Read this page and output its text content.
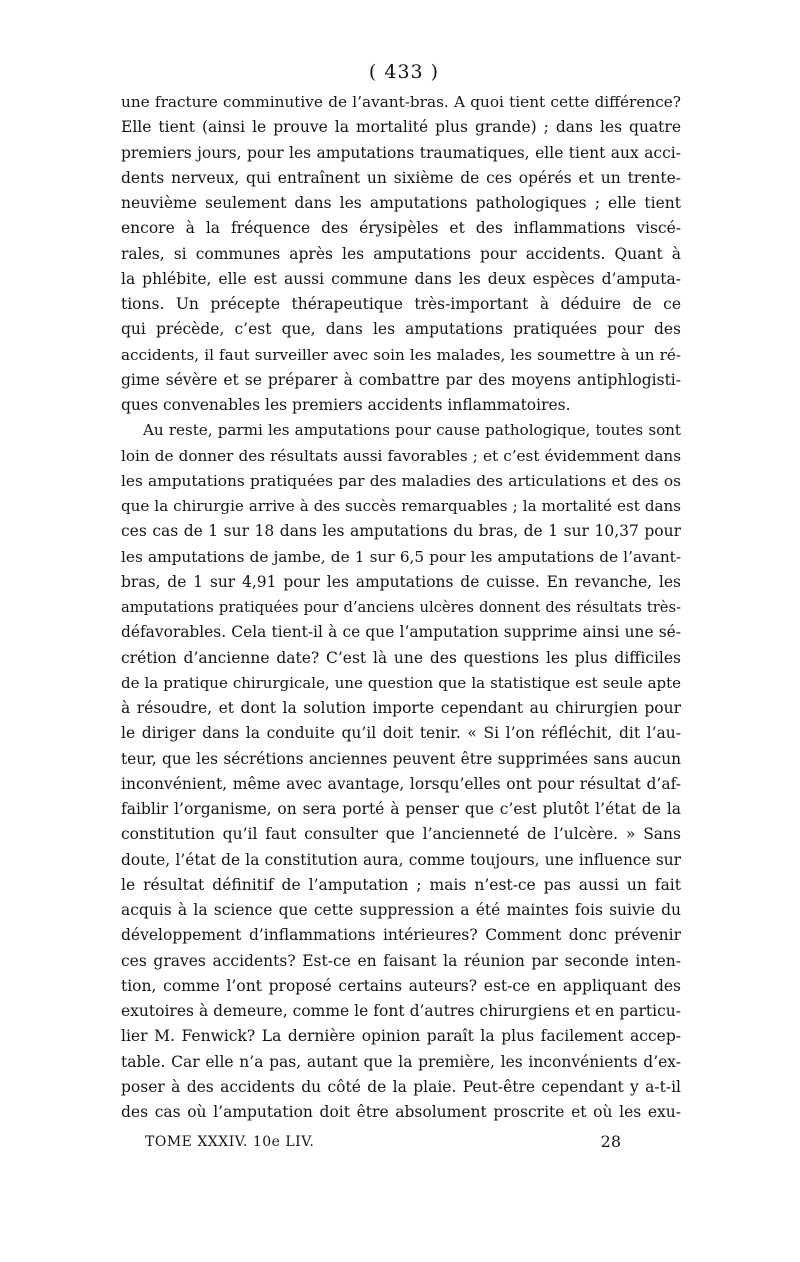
( 433 )
une fracture comminutive de l’avant-bras. A quoi tient cette différence?
Elle tient (ainsi le prouve la mortalité plus grande) ; dans les quatre
premiers jours, pour les amputations traumatiques, elle tient aux acci-
dents nerveux, qui entraînent un sixième de ces opérés et un trente-
neuvième seulement dans les amputations pathologiques ; elle tient
encore à la fréquence des érysipèles et des inflammations viscé-
rales, si communes après les amputations pour accidents. Quant à
la phlébite, elle est aussi commune dans les deux espèces d’amputa-
tions. Un précepte thérapeutique très-important à déduire de ce
qui précède, c’est que, dans les amputations pratiquées pour des
accidents, il faut surveiller avec soin les malades, les soumettre à un ré-
gime sévère et se préparer à combattre par des moyens antiphlogisti-
ques convenables les premiers accidents inflammatoires.
Au reste, parmi les amputations pour cause pathologique, toutes sont
loin de donner des résultats aussi favorables ; et c’est évidemment dans
les amputations pratiquées par des maladies des articulations et des os
que la chirurgie arrive à des succès remarquables ; la mortalité est dans
ces cas de 1 sur 18 dans les amputations du bras, de 1 sur 10,37 pour
les amputations de jambe, de 1 sur 6,5 pour les amputations de l’avant-
bras, de 1 sur 4,91 pour les amputations de cuisse. En revanche, les
amputations pratiquées pour d’anciens ulcères donnent des résultats très-
défavorables. Cela tient-il à ce que l’amputation supprime ainsi une sé-
crétion d’ancienne date? C’est là une des questions les plus difficiles
de la pratique chirurgicale, une question que la statistique est seule apte
à résoudre, et dont la solution importe cependant au chirurgien pour
le diriger dans la conduite qu’il doit tenir. « Si l’on réfléchit, dit l’au-
teur, que les sécrétions anciennes peuvent être supprimées sans aucun
inconvénient, même avec avantage, lorsqu’elles ont pour résultat d’af-
faiblir l’organisme, on sera porté à penser que c’est plutôt l’état de la
constitution qu’il faut consulter que l’ancienneté de l’ulcère. » Sans
doute, l’état de la constitution aura, comme toujours, une influence sur
le résultat définitif de l’amputation ; mais n’est-ce pas aussi un fait
acquis à la science que cette suppression a été maintes fois suivie du
développement d’inflammations intérieures? Comment donc prévenir
ces graves accidents? Est-ce en faisant la réunion par seconde inten-
tion, comme l’ont proposé certains auteurs? est-ce en appliquant des
exutoires à demeure, comme le font d’autres chirurgiens et en particu-
lier M. Fenwick? La dernière opinion paraît la plus facilement accep-
table. Car elle n’a pas, autant que la première, les inconvénients d’ex-
poser à des accidents du côté de la plaie. Peut-être cependant y a-t-il
des cas où l’amputation doit être absolument proscrite et où les exu-
TOME XXXIV. 10e LIV.	28
